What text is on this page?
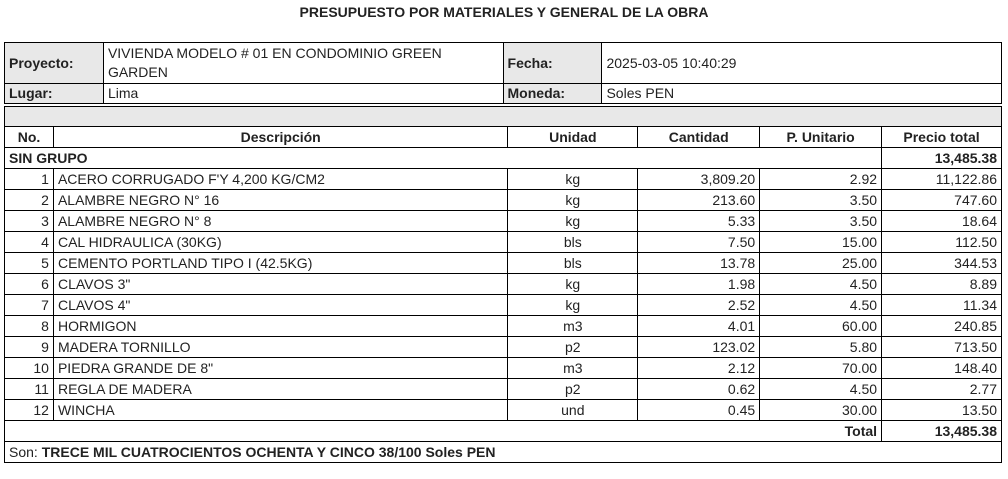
PRESUPUESTO POR MATERIALES Y GENERAL DE LA OBRA
Proyecto:	VIVIENDA MODELO # 01 EN CONDOMINIO GREEN
GARDEN	Fecha:	2025-03-05 10:40:29
Lugar:	Lima	Moneda:	Soles PEN

No.	Descripción	Unidad	Cantidad	P. Unitario	Precio total
SIN GRUPO					13,485.38
1	ACERO CORRUGADO F'Y 4,200 KG/CM2	kg	3,809.20	2.92	11,122.86
2	ALAMBRE NEGRO N° 16	kg	213.60	3.50	747.60
3	ALAMBRE NEGRO N° 8	kg	5.33	3.50	18.64
4	CAL HIDRAULICA (30KG)	bls	7.50	15.00	112.50
5	CEMENTO PORTLAND TIPO I (42.5KG)	bls	13.78	25.00	344.53
6	CLAVOS 3"	kg	1.98	4.50	8.89
7	CLAVOS 4"	kg	2.52	4.50	11.34
8	HORMIGON	m3	4.01	60.00	240.85
9	MADERA TORNILLO	p2	123.02	5.80	713.50
10	PIEDRA GRANDE DE 8"	m3	2.12	70.00	148.40
11	REGLA DE MADERA	p2	0.62	4.50	2.77
12	WINCHA	und	0.45	30.00	13.50
Total					13,485.38
Son: TRECE MIL CUATROCIENTOS OCHENTA Y CINCO 38/100 Soles PEN					
